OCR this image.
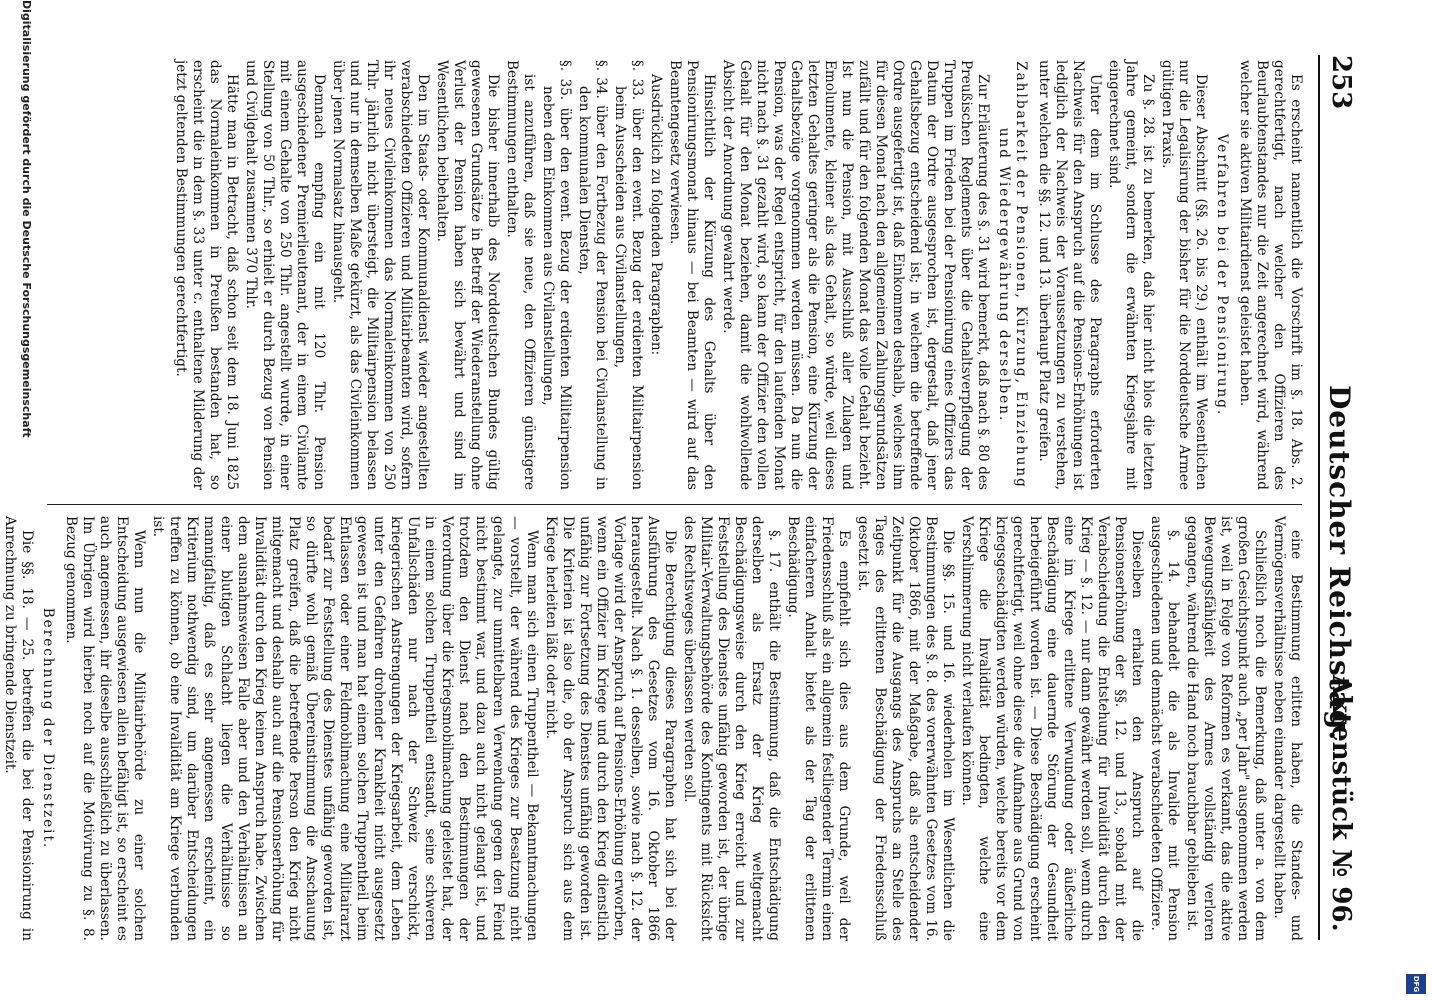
253
Deutscher Reichstag.
Aktenstück № 96.

Es erscheint namentlich die Vorschrift im §. 18. Abs. 2. gerechtfertigt, nach welcher den Offizieren des Beurlaubtenstandes nur die Zeit angerechnet wird, während welcher sie aktiven Militairdienst geleistet haben.

Verfahren bei der Pensionirung.

Dieser Abschnitt (§§. 26. bis 29.) enthält im Wesentlichen nur die Legalisirung der bisher für die Norddeutsche Armee gültigen Praxis.

Zu §. 28. ist zu bemerken, daß hier nicht blos die letzten Jahre gemeint, sondern die erwähnten Kriegsjahre mit eingerechnet sind.

Unter dem im Schlusse des Paragraphs erforderten Nachweis für den Anspruch auf die Pensions-Erhöhungen ist lediglich der Nachweis der Voraussetzungen zu verstehen, unter welchen die §§. 12. und 13. überhaupt Platz greifen.

Zahlbarkeit der Pensionen, Kürzung, Einziehung und Wiedergewährung derselben.

Zur Erläuterung des §. 31 wird bemerkt, daß nach §. 80 des Preußischen Reglements über die Gehaltsverpflegung der Truppen im Frieden bei der Pensionirung eines Offiziers das Datum der Ordre ausgesprochen ist, dergestalt, daß jener Gehaltsbezug entscheidend ist; in welchem die betreffende Ordre ausgefertigt ist, daß Einkommen deshalb, welches ihm für diesen Monat nach den allgemeinen Zahlungsgrundsätzen zufällt und für den folgenden Monat das volle Gehalt bezieht. Ist nun die Pension, mit Ausschluß aller Zulagen und Emolumente, kleiner als das Gehalt, so würde, weil dieses letzten Gehaltes geringer als die Pension, eine Kürzung der Gehaltsbezüge vorgenommen werden müssen. Da nun die Pension, was der Regel entspricht, für den laufenden Monat nicht nach §. 31 gezahlt wird, so kann der Offizier den vollen Gehalt für den Monat beziehen, damit die wohlwollende Absicht der Anordnung gewahrt werde.

Hinsichtlich der Kürzung des Gehalts über den Pensionirungsmonat hinaus — bei Beamten — wird auf das Beamtengesetz verwiesen.

Ausdrücklich zu folgenden Paragraphen:

§. 33. über den event. Bezug der erdienten Militairpension beim Ausscheiden aus Civilanstellungen,

§. 34. über den Fortbezug der Pension bei Civilanstellung in den kommunalen Diensten,

§. 35. über den event. Bezug der erdienten Militairpension neben dem Einkommen aus Civilanstellungen,

ist anzuführen, daß sie neue, den Offizieren günstigere Bestimmungen enthalten.

Die bisher innerhalb des Norddeutschen Bundes gültig gewesenen Grundsätze in Betreff der Wiederanstellung ohne Verlust der Pension haben sich bewährt und sind im Wesentlichen beibehalten.

Den im Staats- oder Kommunaldienst wieder angestellten verabschiedeten Offizieren und Militairbeamten wird, sofern ihr neues Civileinkommen das Normaleinkommen von 250 Thlr. jährlich nicht übersteigt, die Militairpension belassen und nur in demselben Maße gekürzt, als das Civileinkommen über jenen Normalsatz hinausgeht.

Demnach empfing ein mit 120 Thlr. Pension ausgeschiedener Premierlieutenant, der in einem Civilamte mit einem Gehalte von 250 Thlr. angestellt wurde, in einer Stellung von 50 Thlr., so erhielt er durch Bezug von Pension und Civilgehalt zusammen 370 Thlr.

Hätte man in Betracht, daß schon seit dem 18. Juni 1825 das Normaleinkommen in Preußen bestanden hat, so erscheint die in dem §. 33 unter c. enthaltene Milderung der jetzt geltenden Bestimmungen gerechtfertigt.

eine Bestimmung erlitten haben, die Standes- und Vermögensverhältnisse neben einander dargestellt haben.

Schließlich noch die Bemerkung, daß unter a. von dem großen Gesichtspunkt auch „per Jahr" ausgenommen werden ist, weil in Folge von Reformen es verkannt, das die aktive Bewegungsfähigkeit des Armes vollständig verloren gegangen, während die Hand noch brauchbar geblieben ist.

§. 14. behandelt die als Invalide mit Pension ausgeschiedenen und demnächst verabschiedeten Offiziere.

Dieselben erhalten den Anspruch auf die Pensionserhöhung der §§. 12. und 13., sobald mit der Verabschiedung die Entstehung für Invalidität durch den Krieg — §. 12. — nur dann gewährt werden soll, wenn durch eine im Kriege erlittene Verwundung oder äußerliche Beschädigung eine dauernde Störung der Gesundheit herbeigeführt worden ist. — Diese Beschädigung erscheint gerechtfertigt, weil ohne diese die Aufnahme aus Grund von kriegsgeschädigten werden würden, welche bereits vor dem Kriege die Invalidität bedingten, welche eine Verschlimmerung nicht verlaufen können.

Die §§. 15. und 16. wiederholen im Wesentlichen die Bestimmungen des §. 8. des vorerwähnten Gesetzes vom 16. Oktober 1866, mit der Maßgabe, daß als entscheidender Zeitpunkt für die Ausgangs des Anspruchs an Stelle des Tages des erlittenen Beschädigung der Friedensschluß gesetzt ist.

Es empfiehlt sich dies aus dem Grunde, weil der Friedensschluß als ein allgemein festliegender Termin einen einfacheren Anhalt bietet als der Tag der erlittenen Beschädigung.

§. 17. enthält die Bestimmung, daß die Entschädigung derselben als Ersatz der Krieg weltgemacht Beschädigungsweise durch den Krieg erreicht und zur Feststellung des Dienstes unfähig geworden ist, der übrige Militair-Verwaltungsbehörde des Kontingents mit Rücksicht des Rechtsweges überlassen werden soll.

Die Berechtigung dieses Paragraphen hat sich bei der Ausführung des Gesetzes vom 16. Oktober 1866 herausgestellt. Nach §. 1. desselben, sowie nach §. 12. der Vorlage wird der Anspruch auf Pensions-Erhöhung erworben, wenn ein Offizier im Kriege und durch den Krieg dienstlich unfähig zur Fortsetzung des Dienstes unfähig geworden ist. Die Kriterien ist also die, ob der Anspruch sich aus dem Kriege herleiten läßt oder nicht.

Wenn man sich einen Truppentheil — Bekanntmachungen — vorstellt, der während des Krieges zur Besatzung nicht gelangte, zur unmittelbaren Verwendung gegen den Feind nicht bestimmt war, und dazu auch nicht gelangt ist, und trotzdem den Dienst nach den Bestimmungen der Verordnung über die Kriegsmobilmachung geleistet hat, der in einem solchen Truppentheil entsandt, seine schweren Unfallschäden nur nach der Schweiz verschickt, kriegerischen Anstrengungen der Kriegsarbeit, dem Leben unter den Gefahren drohender Krankheit nicht ausgesetzt gewesen ist und man hat einem solchen Truppentheil beim Entlassen oder einer Feldmobilmachung eine Militairarzt bedarf zur Feststellung des Dienstes unfähig geworden ist, so dürfte wohl gemäß Übereinstimmung die Anschauung Platz greifen, daß die betreffende Person den Krieg nicht mitgemacht und deshalb auch auf die Pensionserhöhung für Invalidität durch den Krieg keinen Anspruch habe. Zwischen dem ausnahmsweisen Falle aber und den Verhältnissen an einer blutigen Schlacht liegen die Verhältnisse so mannigfaltig, daß es sehr angemessen erscheint, ein Kriterium nothwendig sind, um darüber Entscheidungen treffen zu können, ob eine Invalidität am Kriege verbunden ist.

Wenn nun die Militairbehörde zu einer solchen Entscheidung ausgewiesen allein befähigt ist, so erscheint es auch angemessen, ihr dieselbe ausschließlich zu überlassen. Im Übrigen wird hierbei noch auf die Motivirung zu §. 8. Bezug genommen.

Berechnung der Dienstzeit.

Die §§. 18. — 25. betreffen die bei der Pensionirung in Anrechnung zu bringende Dienstzeit.

Digitalisierung gefördert durch die Deutsche Forschungsgemeinschaft
DFG
